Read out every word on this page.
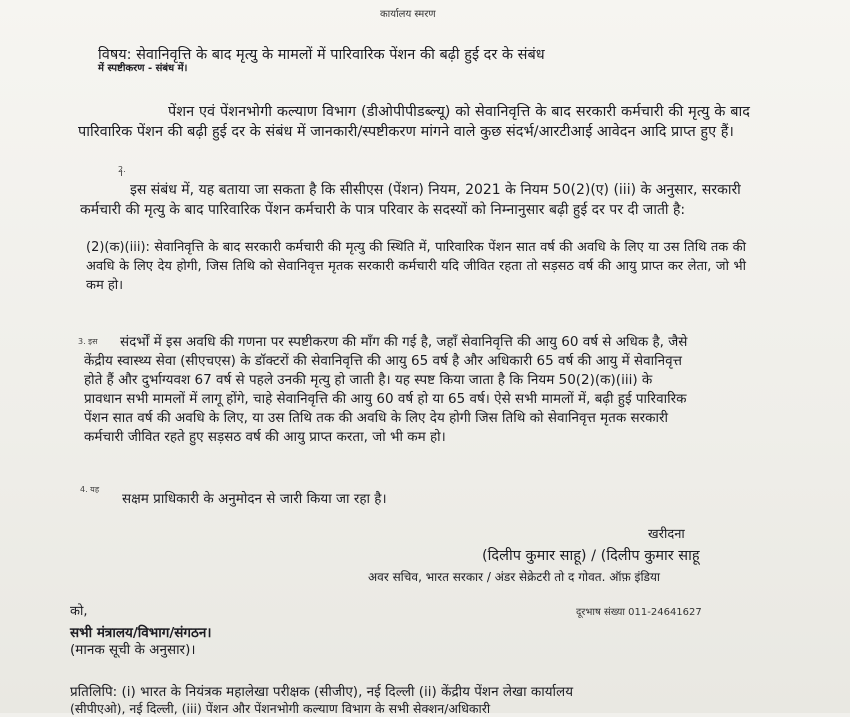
कार्यालय स्मरण
विषय: सेवानिवृत्ति के बाद मृत्यु के मामलों में पारिवारिक पेंशन की बढ़ी हुई दर के संबंध
में स्पष्टीकरण - संबंध में।
पेंशन एवं पेंशनभोगी कल्याण विभाग (डीओपीपीडब्ल्यू) को सेवानिवृत्ति के बाद सरकारी कर्मचारी की मृत्यु के बाद पारिवारिक पेंशन की बढ़ी हुई दर के संबंध में जानकारी/स्पष्टीकरण मांगने वाले कुछ संदर्भ/आरटीआई आवेदन आदि प्राप्त हुए हैं।
2.
इस संबंध में, यह बताया जा सकता है कि सीसीएस (पेंशन) नियम, 2021 के नियम 50(2)(ए) (iii) के अनुसार, सरकारी कर्मचारी की मृत्यु के बाद पारिवारिक पेंशन कर्मचारी के पात्र परिवार के सदस्यों को निम्नानुसार बढ़ी हुई दर पर दी जाती है:
(2)(क)(iii): सेवानिवृत्ति के बाद सरकारी कर्मचारी की मृत्यु की स्थिति में, पारिवारिक पेंशन सात वर्ष की अवधि के लिए या उस तिथि तक की अवधि के लिए देय होगी, जिस तिथि को सेवानिवृत्त मृतक सरकारी कर्मचारी यदि जीवित रहता तो सड़सठ वर्ष की आयु प्राप्त कर लेता, जो भी कम हो।
3. इस	संदर्भों में इस अवधि की गणना पर स्पष्टीकरण की माँग की गई है, जहाँ सेवानिवृत्ति की आयु 60 वर्ष से अधिक है, जैसे केंद्रीय स्वास्थ्य सेवा (सीएचएस) के डॉक्टरों की सेवानिवृत्ति की आयु 65 वर्ष है और अधिकारी 65 वर्ष की आयु में सेवानिवृत्त होते हैं और दुर्भाग्यवश 67 वर्ष से पहले उनकी मृत्यु हो जाती है। यह स्पष्ट किया जाता है कि नियम 50(2)(क)(iii) के प्रावधान सभी मामलों में लागू होंगे, चाहे सेवानिवृत्ति की आयु 60 वर्ष हो या 65 वर्ष। ऐसे सभी मामलों में, बढ़ी हुई पारिवारिक पेंशन सात वर्ष की अवधि के लिए, या उस तिथि तक की अवधि के लिए देय होगी जिस तिथि को सेवानिवृत्त मृतक सरकारी कर्मचारी जीवित रहते हुए सड़सठ वर्ष की आयु प्राप्त करता, जो भी कम हो।
4. यह
सक्षम प्राधिकारी के अनुमोदन से जारी किया जा रहा है।
खरीदना
(दिलीप कुमार साहू) / (दिलीप कुमार साहू
अवर सचिव, भारत सरकार / अंडर सेक्रेटरी तो द गोवत. ऑफ़ इंडिया
दूरभाष संख्या 011-24641627
को,
सभी मंत्रालय/विभाग/संगठन।
(मानक सूची के अनुसार)।
प्रतिलिपि: (i) भारत के नियंत्रक महालेखा परीक्षक (सीजीए), नई दिल्ली (ii) केंद्रीय पेंशन लेखा कार्यालय
(सीपीएओ), नई दिल्ली, (iii) पेंशन और पेंशनभोगी कल्याण विभाग के सभी सेक्शन/अधिकारी
